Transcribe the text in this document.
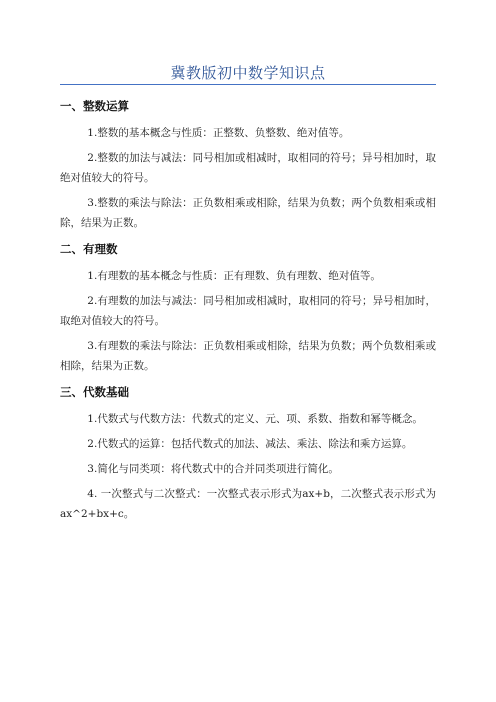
冀教版初中数学知识点
一、整数运算

1.整数的基本概念与性质：正整数、负整数、绝对值等。

2.整数的加法与减法：同号相加或相减时，取相同的符号；异号相加时，取绝对值较大的符号。

3.整数的乘法与除法：正负数相乘或相除，结果为负数；两个负数相乘或相除，结果为正数。

二、有理数

1.有理数的基本概念与性质：正有理数、负有理数、绝对值等。

2.有理数的加法与减法：同号相加或相减时，取相同的符号；异号相加时，取绝对值较大的符号。

3.有理数的乘法与除法：正负数相乘或相除，结果为负数；两个负数相乘或相除，结果为正数。

三、代数基础

1.代数式与代数方法：代数式的定义、元、项、系数、指数和幂等概念。

2.代数式的运算：包括代数式的加法、减法、乘法、除法和乘方运算。

3.简化与同类项：将代数式中的合并同类项进行简化。

4. 一次整式与二次整式：一次整式表示形式为ax+b，二次整式表示形式为ax^2+bx+c。
